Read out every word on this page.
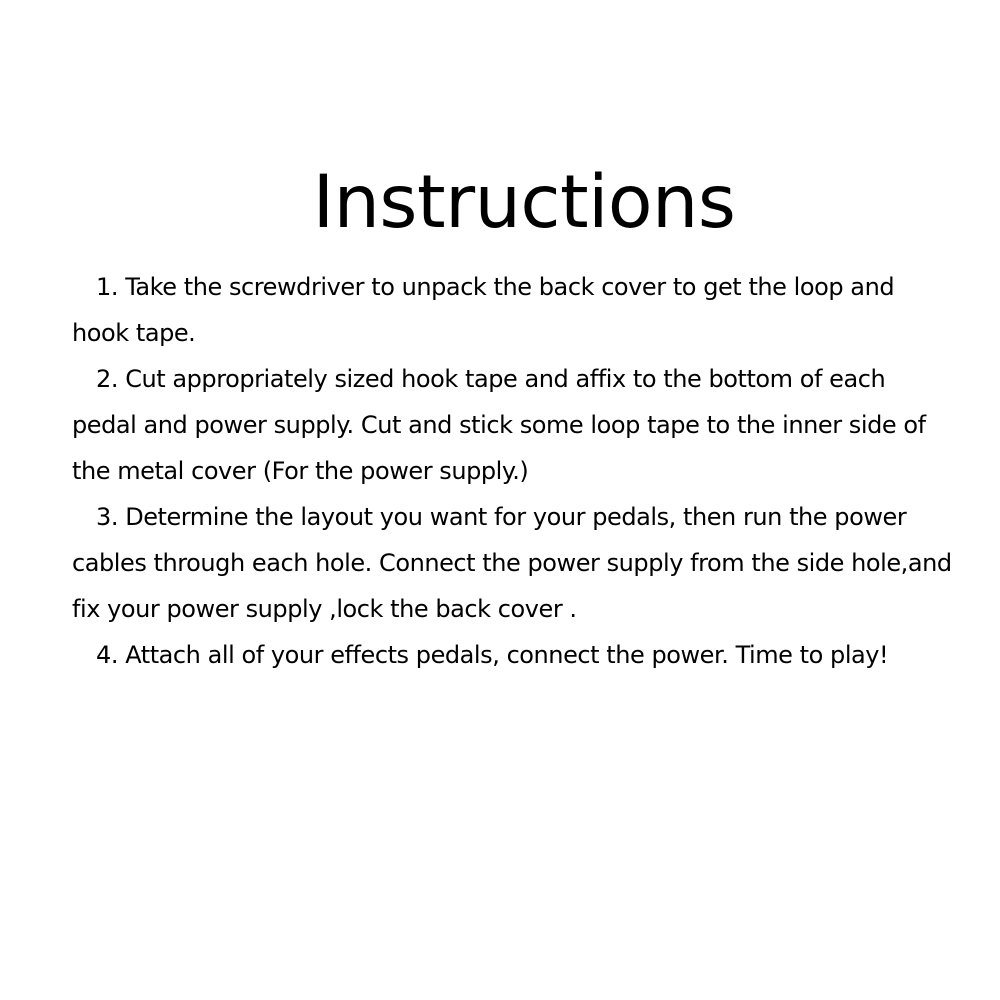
Instructions

1. Take the screwdriver to unpack the back cover to get the loop and hook tape.

2. Cut appropriately sized hook tape and affix to the bottom of each pedal and power supply. Cut and stick some loop tape to the inner side of the metal cover (For the power supply.)

3. Determine the layout you want for your pedals, then run the power cables through each hole. Connect the power supply from the side hole,and fix your power supply ,lock the back cover .

4. Attach all of your effects pedals, connect the power. Time to play!
